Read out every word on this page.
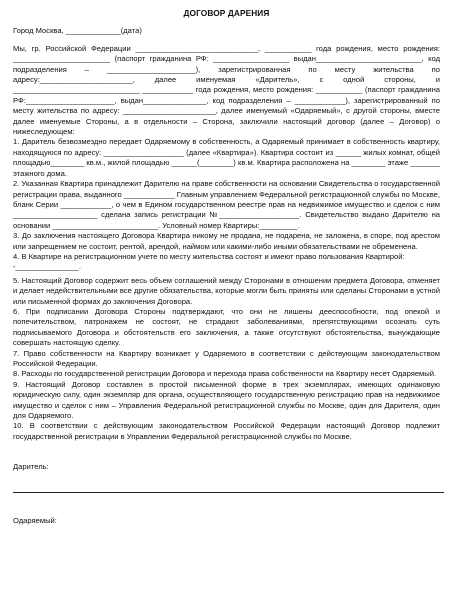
ДОГОВОР ДАРЕНИЯ
Город Москва, _____________(дата)

Мы, гр. Российской Федерации _____________________________, ___________ года рождения, место рождения: _______________________ (паспорт гражданина РФ: __________________ выдан_________________________, код подразделения – _____________________), зарегистрированная по месту жительства по адресу:______________________, далее именуемая «Даритель», с одной стороны, и ______________________________ ____________ года рождения, место рождения: ___________ (паспорт гражданина РФ:_____________________, выдан_______________, код подразделения – ____________), зарегистрированный по месту жительства по адресу: ______________________, далее именуемый «Одаряемый», с другой стороны, вместе далее именуемые Стороны, а в отдельности – Сторона, заключили настоящий договор (далее – Договор) о нижеследующем:

1. Даритель безвозмездно передает Одаряемому в собственность, а Одаряемый принимает в собственность квартиру, находящуюся по адресу: ___________________ (далее «Квартира»). Квартира состоит из ______ жилых комнат, общей площадью________ кв.м., жилой площадью ______(________) кв.м. Квартира расположена на ________ этаже _______ этажного дома.

2. Указанная Квартира принадлежит Дарителю на праве собственности на основании Свидетельства о государственной регистрации права, выданного ____________ Главным управлением Федеральной регистрационной службы по Москве, бланк Серии ____________, о чем в Едином государственном реестре прав на недвижимое имущество и сделок с ним ____________________ сделана запись регистрации №___________________. Свидетельство выдано Дарителю на основании _________________________. Условный номер Квартиры:_________.

3. До заключения настоящего Договора Квартира никому не продана, не подарена, не заложена, в споре, под арестом или запрещением не состоит, рентой, арендой, наймом или какими-либо иными обязательствами не обременена.

4. В Квартире на регистрационном учете по месту жительства состоят и имеют право пользования Квартирой:

-_______________.

5. Настоящий Договор содержит весь объем соглашений между Сторонами в отношении предмета Договора, отменяет и делает недействительными все другие обязательства, которые могли быть приняты или сделаны Сторонами в устной или письменной формах до заключения Договора.

6. При подписании Договора Стороны подтверждают, что они не лишены дееспособности, под опекой и попечительством, патронажем не состоят, не страдают заболеваниями, препятствующими осознать суть подписываемого Договора и обстоятельств его заключения, а также отсутствуют обстоятельства, вынуждающие совершать настоящую сделку.

7. Право собственности на Квартиру возникает у Одаряемого в соответствии с действующим законодательством Российской Федерации.

8. Расходы по государственной регистрации Договора и перехода права собственности на Квартиру несет Одаряемый.

9. Настоящий Договор составлен в простой письменной форме в трех экземплярах, имеющих одинаковую юридическую силу, один экземпляр для органа, осуществляющего государственную регистрацию прав на недвижимое имущество и сделок с ним – Управления Федеральной регистрационной службы по Москве, один для Дарителя, один для Одаряемого.

10. В соответствии с действующим законодательством Российской Федерации настоящий Договор подлежит государственной регистрации в Управлении Федеральной регистрационной службы по Москве.

Даритель:
Одаряемый:
